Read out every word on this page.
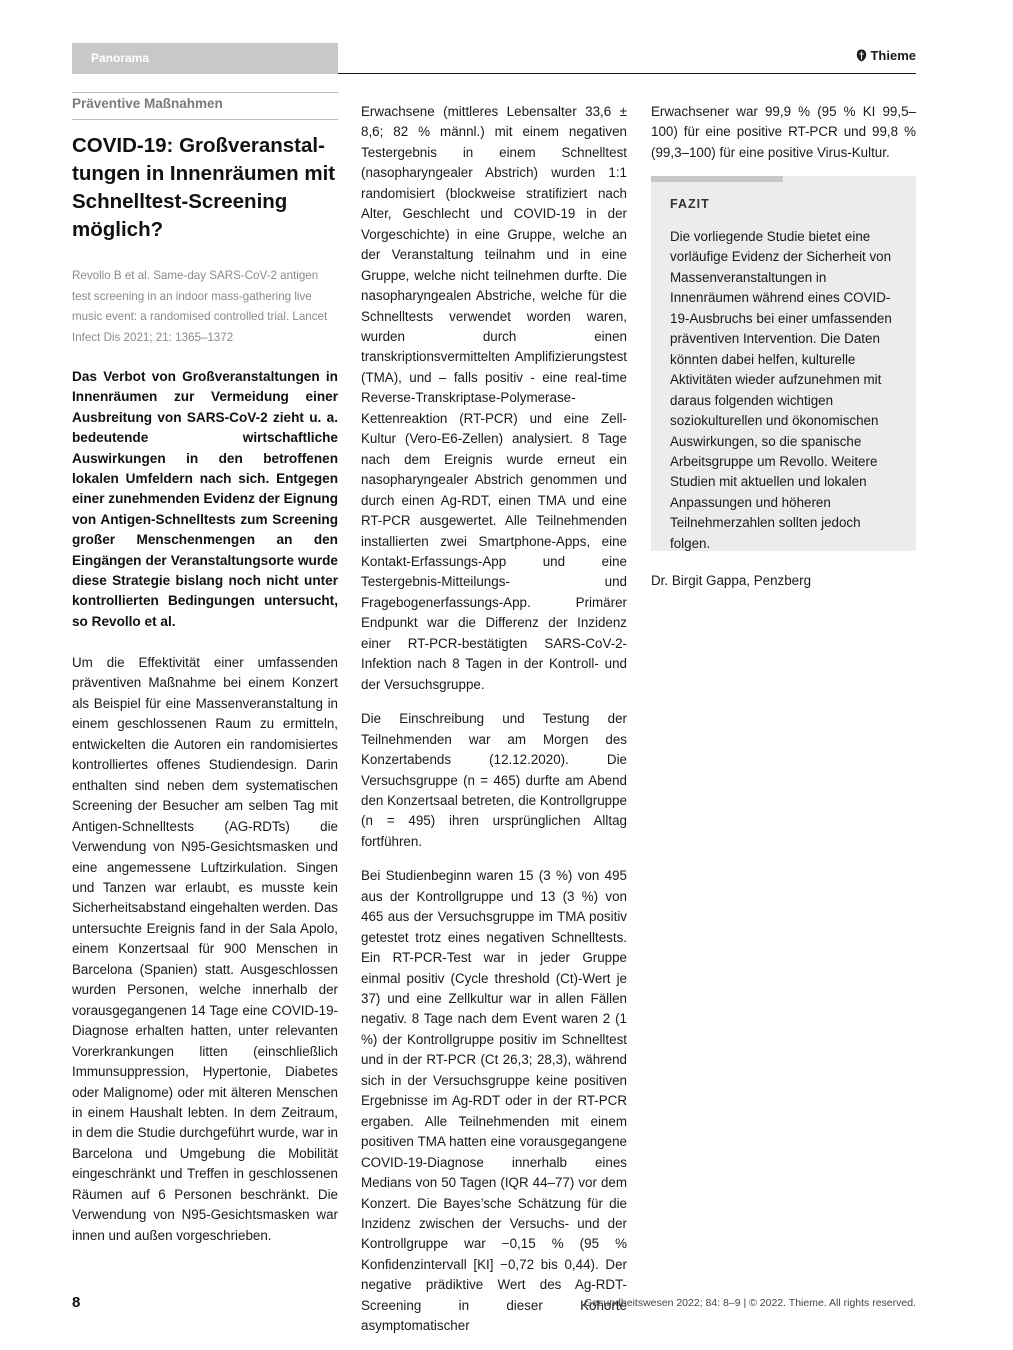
Panorama	Thieme
Präventive Maßnahmen
COVID-19: Großveranstaltungen in Innenräumen mit Schnelltest-Screening möglich?
Revollo B et al. Same-day SARS-CoV-2 antigen test screening in an indoor mass-gathering live music event: a randomised controlled trial. Lancet Infect Dis 2021; 21: 1365–1372
Das Verbot von Großveranstaltungen in Innenräumen zur Vermeidung einer Ausbreitung von SARS-CoV-2 zieht u. a. bedeutende wirtschaftliche Auswirkungen in den betroffenen lokalen Umfeldern nach sich. Entgegen einer zunehmenden Evidenz der Eignung von Antigen-Schnelltests zum Screening großer Menschenmengen an den Eingängen der Veranstaltungsorte wurde diese Strategie bislang noch nicht unter kontrollierten Bedingungen untersucht, so Revollo et al.

Um die Effektivität einer umfassenden präventiven Maßnahme bei einem Konzert als Beispiel für eine Massenveranstaltung in einem geschlossenen Raum zu ermitteln, entwickelten die Autoren ein randomisiertes kontrolliertes offenes Studiendesign. Darin enthalten sind neben dem systematischen Screening der Besucher am selben Tag mit Antigen-Schnelltests (AG-RDTs) die Verwendung von N95-Gesichtsmasken und eine angemessene Luftzirkulation. Singen und Tanzen war erlaubt, es musste kein Sicherheitsabstand eingehalten werden. Das untersuchte Ereignis fand in der Sala Apolo, einem Konzertsaal für 900 Menschen in Barcelona (Spanien) statt. Ausgeschlossen wurden Personen, welche innerhalb der vorausgegangenen 14 Tage eine COVID-19-Diagnose erhalten hatten, unter relevanten Vorerkrankungen litten (einschließlich Immunsuppression, Hypertonie, Diabetes oder Malignome) oder mit älteren Menschen in einem Haushalt lebten. In dem Zeitraum, in dem die Studie durchgeführt wurde, war in Barcelona und Umgebung die Mobilität eingeschränkt und Treffen in geschlossenen Räumen auf 6 Personen beschränkt. Die Verwendung von N95-Gesichtsmasken war innen und außen vorgeschrieben.

Erwachsene (mittleres Lebensalter 33,6 ± 8,6; 82 % männl.) mit einem negativen Testergebnis in einem Schnelltest (nasopharyngealer Abstrich) wurden 1:1 randomisiert (blockweise stratifiziert nach Alter, Geschlecht und COVID-19 in der Vorgeschichte) in eine Gruppe, welche an der Veranstaltung teilnahm und in eine Gruppe, welche nicht teilnehmen durfte. Die nasopharyngealen Abstriche, welche für die Schnelltests verwendet worden waren, wurden durch einen transkriptionsvermittelten Amplifizierungstest (TMA), und – falls positiv - eine real-time Reverse-Transkriptase-Polymerase-Kettenreaktion (RT-PCR) und eine Zell-Kultur (Vero-E6-Zellen) analysiert. 8 Tage nach dem Ereignis wurde erneut ein nasopharyngealer Abstrich genommen und durch einen Ag-RDT, einen TMA und eine RT-PCR ausgewertet. Alle Teilnehmenden installierten zwei Smartphone-Apps, eine Kontakt-Erfassungs-App und eine Testergebnis-Mitteilungs- und Fragebogenerfassungs-App. Primärer Endpunkt war die Differenz der Inzidenz einer RT-PCR-bestätigten SARS-CoV-2-Infektion nach 8 Tagen in der Kontroll- und der Versuchsgruppe.

Die Einschreibung und Testung der Teilnehmenden war am Morgen des Konzertabends (12.12.2020). Die Versuchsgruppe (n = 465) durfte am Abend den Konzertsaal betreten, die Kontrollgruppe (n = 495) ihren ursprünglichen Alltag fortführen.

Bei Studienbeginn waren 15 (3 %) von 495 aus der Kontrollgruppe und 13 (3 %) von 465 aus der Versuchsgruppe im TMA positiv getestet trotz eines negativen Schnelltests. Ein RT-PCR-Test war in jeder Gruppe einmal positiv (Cycle threshold (Ct)-Wert je 37) und eine Zellkultur war in allen Fällen negativ. 8 Tage nach dem Event waren 2 (1 %) der Kontrollgruppe positiv im Schnelltest und in der RT-PCR (Ct 26,3; 28,3), während sich in der Versuchsgruppe keine positiven Ergebnisse im Ag-RDT oder in der RT-PCR ergaben. Alle Teilnehmenden mit einem positiven TMA hatten eine vorausgegangene COVID-19-Diagnose innerhalb eines Medians von 50 Tagen (IQR 44–77) vor dem Konzert. Die Bayes’sche Schätzung für die Inzidenz zwischen der Versuchs- und der Kontrollgruppe war −0,15 % (95 % Konfidenzintervall [KI] −0,72 bis 0,44). Der negative prädiktive Wert des Ag-RDT-Screening in dieser Kohorte asymptomatischer

Erwachsener war 99,9 % (95 % KI 99,5–100) für eine positive RT-PCR und 99,8 % (99,3–100) für eine positive Virus-Kultur.

FAZIT
Die vorliegende Studie bietet eine vorläufige Evidenz der Sicherheit von Massenveranstaltungen in Innenräumen während eines COVID-19-Ausbruchs bei einer umfassenden präventiven Intervention. Die Daten könnten dabei helfen, kulturelle Aktivitäten wieder aufzunehmen mit daraus folgenden wichtigen soziokulturellen und ökonomischen Auswirkungen, so die spanische Arbeitsgruppe um Revollo. Weitere Studien mit aktuellen und lokalen Anpassungen und höheren Teilnehmerzahlen sollten jedoch folgen.
Dr. Birgit Gappa, Penzberg
8	Gesundheitswesen 2022; 84: 8–9 | © 2022. Thieme. All rights reserved.
